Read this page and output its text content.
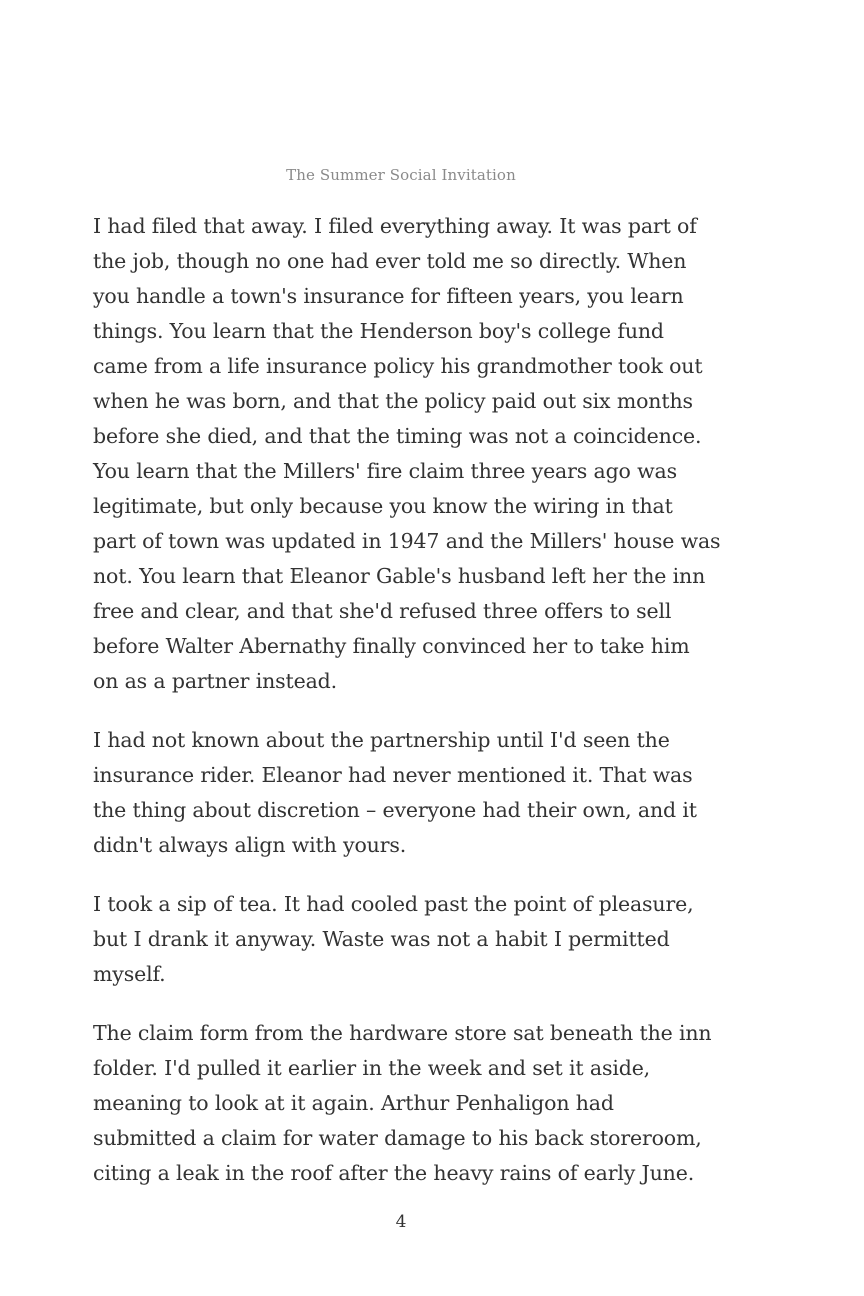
The Summer Social Invitation

I had filed that away. I filed everything away. It was part of
the job, though no one had ever told me so directly. When
you handle a town's insurance for fifteen years, you learn
things. You learn that the Henderson boy's college fund
came from a life insurance policy his grandmother took out
when he was born, and that the policy paid out six months
before she died, and that the timing was not a coincidence.
You learn that the Millers' fire claim three years ago was
legitimate, but only because you know the wiring in that
part of town was updated in 1947 and the Millers' house was
not. You learn that Eleanor Gable's husband left her the inn
free and clear, and that she'd refused three offers to sell
before Walter Abernathy finally convinced her to take him
on as a partner instead.

I had not known about the partnership until I'd seen the
insurance rider. Eleanor had never mentioned it. That was
the thing about discretion – everyone had their own, and it
didn't always align with yours.

I took a sip of tea. It had cooled past the point of pleasure,
but I drank it anyway. Waste was not a habit I permitted
myself.

The claim form from the hardware store sat beneath the inn
folder. I'd pulled it earlier in the week and set it aside,
meaning to look at it again. Arthur Penhaligon had
submitted a claim for water damage to his back storeroom,
citing a leak in the roof after the heavy rains of early June.

4
